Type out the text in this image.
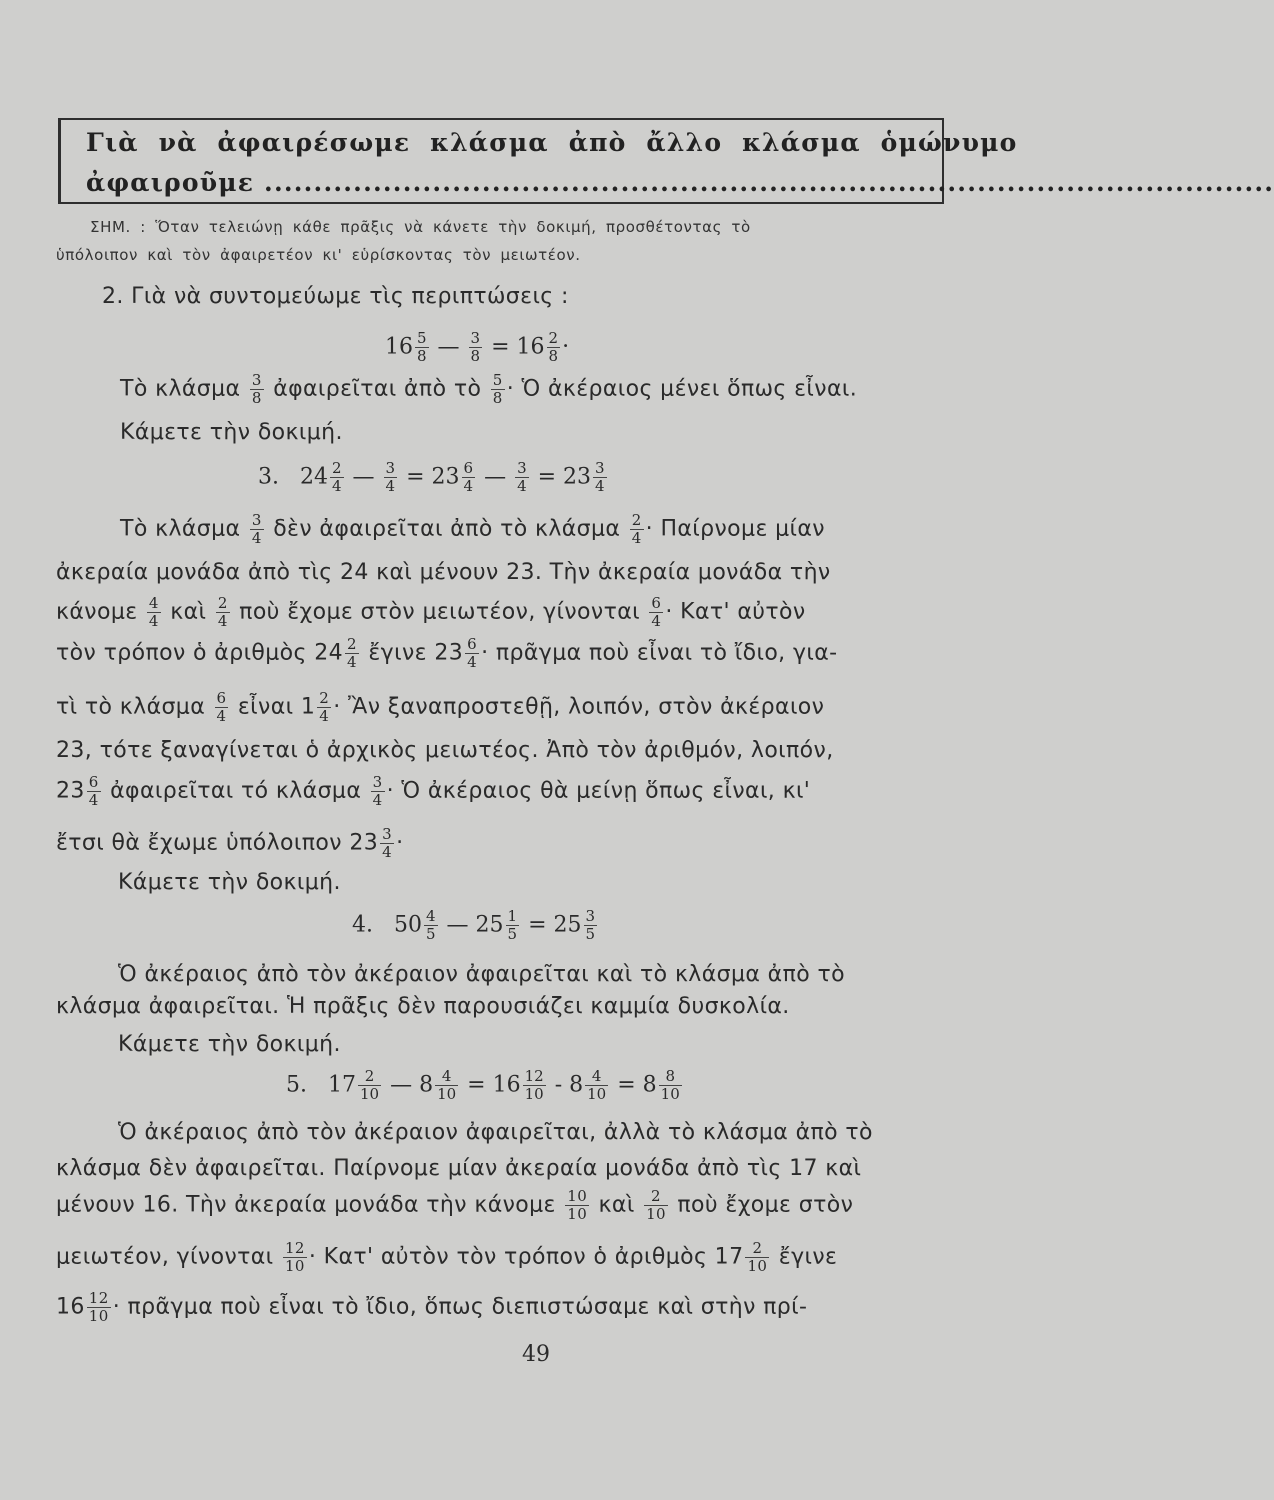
Γιὰ νὰ ἀφαιρέσωμε κλάσμα ἀπὸ ἄλλο κλάσμα ὁμώνυμο
ἀφαιροῦμε ......................................................................................................
ΣΗΜ. : Ὅταν τελειώνῃ κάθε πρᾶξις νὰ κάνετε τὴν δοκιμή, προσθέτοντας τὸ
ὑπόλοιπον καὶ τὸν ἀφαιρετέον κι' εὑρίσκοντας τὸν μειωτέον.
2. Γιὰ νὰ συντομεύωμε τὶς περιπτώσεις :
$16 \frac{5}{8}$ — $\frac{3}{8} = 16 \frac{2}{8}$ ·
Τὸ κλάσμα $\frac{3}{8}$ ἀφαιρεῖται ἀπὸ τὸ $\frac{5}{8}$ · Ὁ ἀκέραιος μένει ὅπως εἶναι.
Κάμετε τὴν δοκιμή.
3. $24 \frac{2}{4}$ — $\frac{3}{4} = 23 \frac{6}{4}$ — $\frac{3}{4} = 23 \frac{3}{4}$
Τὸ κλάσμα $\frac{3}{4}$ δὲν ἀφαιρεῖται ἀπὸ τὸ κλάσμα $\frac{2}{4} \cdot \Pi\alpha ί\rho\nu o\mu\varepsilon$ μίαν
ἀκεραία μονάδα ἀπὸ τὶς 24 καὶ μένουν 23. Τὴν ἀκεραία μονάδα τὴν
κάνομε $\frac{4}{4}$ καὶ $\frac{2}{4}$ ποὺ ἔχομε στὸν μειωτέον, γίνονται $\frac{6}{4} \cdot K\alpha\tau'$ αὐτὸν
τὸν τρόπον ὁ ἀριθμὸς $24 \frac{2}{4}$ ἔγινε $23 \frac{6}{4}$ · πρᾶγμα ποὺ εἶναι τὸ ἴδιο, για-
τὶ τὸ κλάσμα $\frac{6}{4}$ εἶναι $1 \frac{2}{4}$ · Ἂν ξαναπροστεθῇ, λοιπόν, στὸν ἀκέραιον
23, τότε ξαναγίνεται ὁ ἀρχικὸς μειωτέος. Ἀπὸ τὸν ἀριθμόν, λοιπόν,
$23 \frac{6}{4}$ ἀφαιρεῖται τό κλάσμα $\frac{3}{4}$ · Ὁ ἀκέραιος θὰ μείνῃ ὅπως εἶναι, κι'
ἔτσι θὰ ἔχωμε ὑπόλοιπον $23 \frac{3}{4}$ ·
Κάμετε τὴν δοκιμή.
4. $50 \frac{4}{5}$ — $25 \frac{1}{5} = 25 \frac{3}{5}$
Ὁ ἀκέραιος ἀπὸ τὸν ἀκέραιον ἀφαιρεῖται καὶ τὸ κλάσμα ἀπὸ τὸ
κλάσμα ἀφαιρεῖται. Ἡ πρᾶξις δὲν παρουσιάζει καμμία δυσκολία.
Κάμετε τὴν δοκιμή.
5. $17 \frac{2}{10}$ — $8 \frac{4}{10} = 16 \frac{12}{10} - 8 \frac{4}{10} = 8 \frac{8}{10}$
Ὁ ἀκέραιος ἀπὸ τὸν ἀκέραιον ἀφαιρεῖται, ἀλλὰ τὸ κλάσμα ἀπὸ τὸ
κλάσμα δὲν ἀφαιρεῖται. Παίρνομε μίαν ἀκεραία μονάδα ἀπὸ τὶς 17 καὶ
μένουν 16. Τὴν ἀκεραία μονάδα τὴν κάνομε $\frac{10}{10}$ καὶ $\frac{2}{10}$ ποὺ ἔχομε στὸν
μειωτέον, γίνονται $\frac{12}{10} \cdot K\alpha\tau'$ αὐτὸν τὸν τρόπον ὁ ἀριθμὸς $17 \frac{2}{10}$ ἔγινε
$16 \frac{12}{10}$ · πρᾶγμα ποὺ εἶναι τὸ ἴδιο, ὅπως διεπιστώσαμε καὶ στὴν πρί-
49
